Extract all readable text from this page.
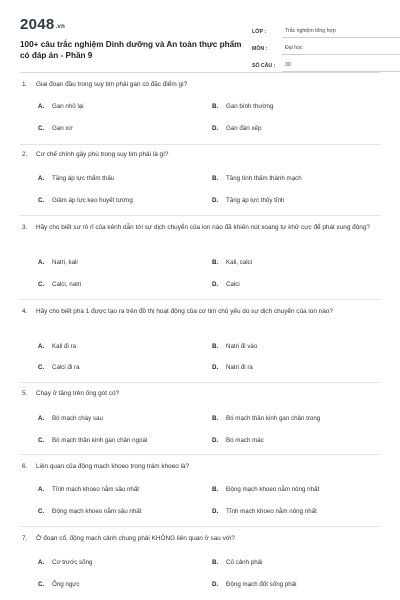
2048.vn
100+ câu trắc nghiệm Dinh dưỡng và An toàn thực phẩm có đáp án - Phần 9
LỚP :	Trắc nghiệm tổng hợp
MÔN :	Đại học
SỐ CÂU :	30
1. Giai đoạn đầu trong suy tim phải gan có đặc điểm gì?
A. Gan nhỏ lại	B. Gan bình thường
C. Gan xơ	D. Gan đàn xếp
2. Cơ chế chính gây phù trong suy tim phải là gì?
A. Tăng áp lực thẩm thấu	B. Tăng tính thấm thành mạch
C. Giảm áp lực keo huyết tương	D. Tăng áp lực thủy tĩnh
3. Hãy cho biết sự rò rỉ của kênh dẫn tới sự dịch chuyển của ion nào đã khiến nút xoang tự khử cực để phát xung động?
A. Natri, kali	B. Kali, calci
C. Calci, natri	D. Calci
4. Hãy cho biết pha 1 được tạo ra trên đồ thị hoạt động của cơ tim chủ yếu do sự dịch chuyển của ion nào?
A. Kali đi ra	B. Natri đi vào
C. Calci đi ra	D. Natri đi ra
5. Chạy ở tầng trên ống gót có?
A. Bó mạch chày sau	B. Bó mạch thần kinh gan chân trong
C. Bó mạch thần kinh gan chân ngoài	D. Bó mạch mác
6. Liên quan của động mạch khoeo trong trám khoeo là?
A. Tĩnh mạch khoeo nằm sâu nhất	B. Động mạch khoeo nằm nông nhất
C. Động mạch khoeo nằm sâu nhất	D. Tĩnh mạch khoeo nằm nông nhất
7. Ở đoạn cổ, động mạch cảnh chung phải KHÔNG liên quan ở sau với?
A. Cơ trước sống	B. Củ cảnh phải
C. Ống ngực	D. Động mạch đốt sống phải
